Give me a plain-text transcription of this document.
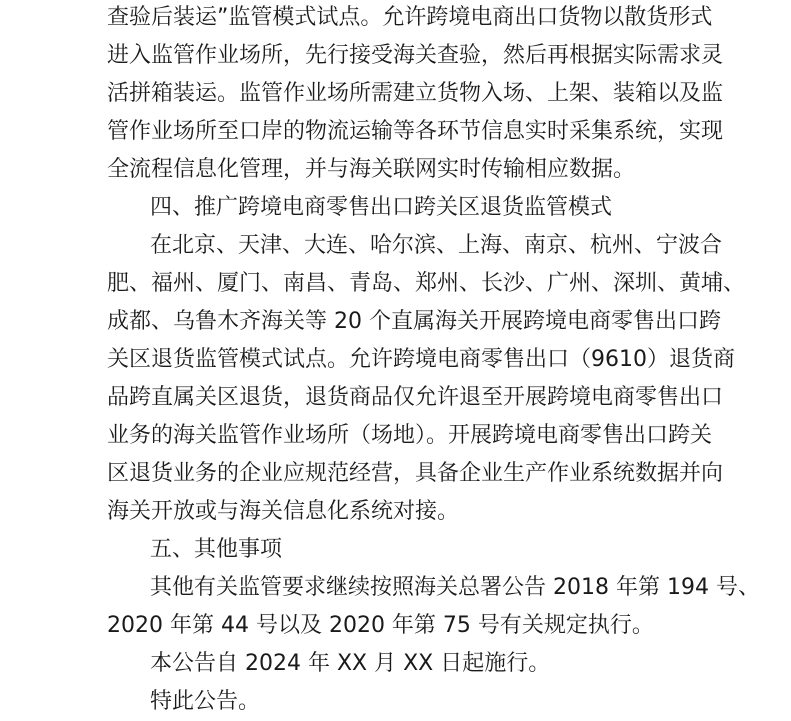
查验后装运”监管模式试点。允许跨境电商出口货物以散货形式
进入监管作业场所，先行接受海关查验，然后再根据实际需求灵
活拼箱装运。监管作业场所需建立货物入场、上架、装箱以及监
管作业场所至口岸的物流运输等各环节信息实时采集系统，实现
全流程信息化管理，并与海关联网实时传输相应数据。
四、推广跨境电商零售出口跨关区退货监管模式
在北京、天津、大连、哈尔滨、上海、南京、杭州、宁波合
肥、福州、厦门、南昌、青岛、郑州、长沙、广州、深圳、黄埔、
成都、乌鲁木齐海关等 20 个直属海关开展跨境电商零售出口跨
关区退货监管模式试点。允许跨境电商零售出口（9610）退货商
品跨直属关区退货，退货商品仅允许退至开展跨境电商零售出口
业务的海关监管作业场所（场地）。开展跨境电商零售出口跨关
区退货业务的企业应规范经营，具备企业生产作业系统数据并向
海关开放或与海关信息化系统对接。
五、其他事项
其他有关监管要求继续按照海关总署公告 2018 年第 194 号、
2020 年第 44 号以及 2020 年第 75 号有关规定执行。
本公告自 2024 年 XX 月 XX 日起施行。
特此公告。
